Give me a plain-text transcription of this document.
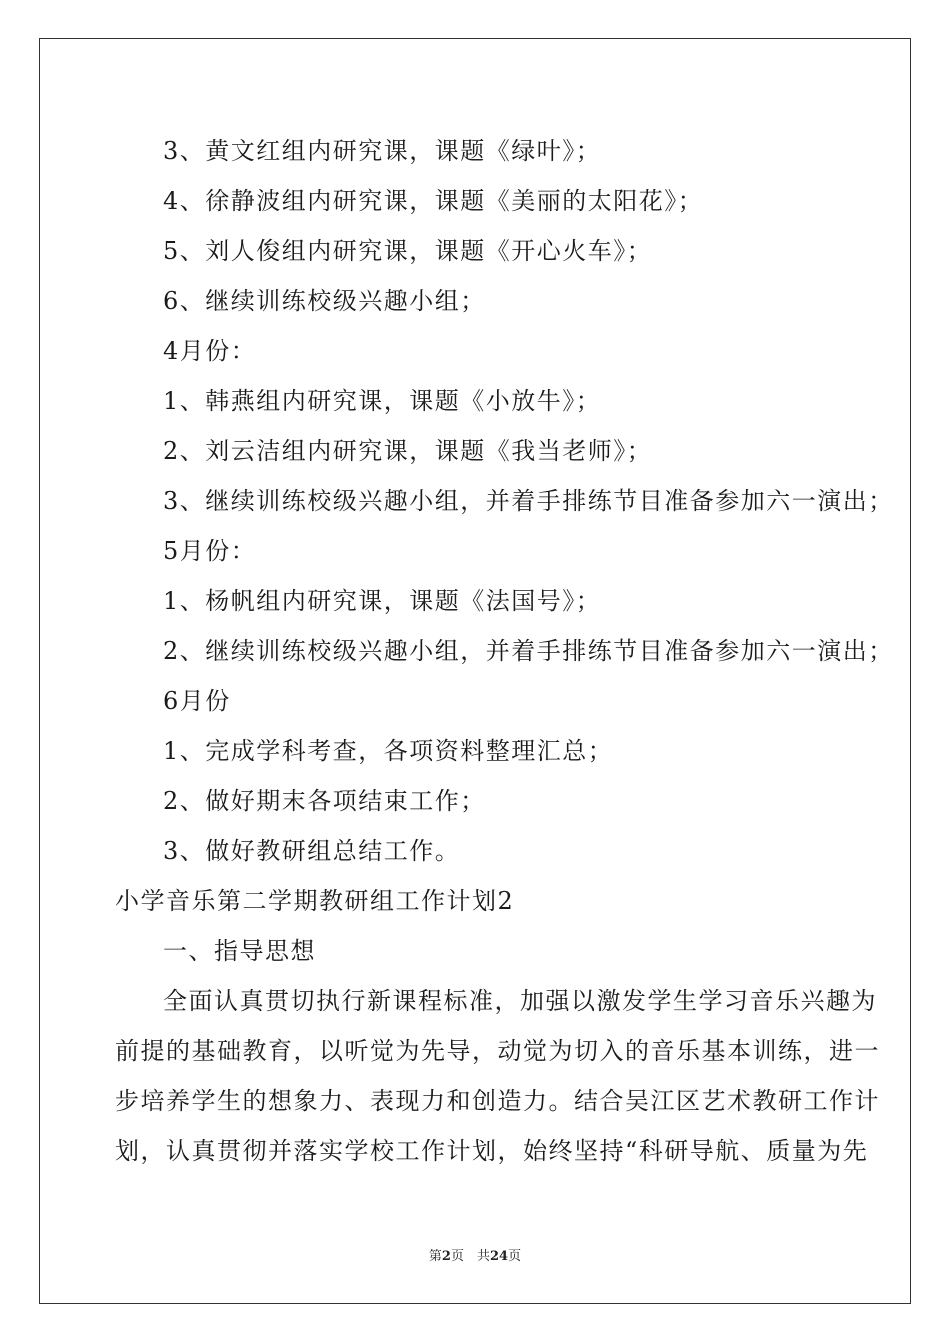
3、黄文红组内研究课，课题《绿叶》；
4、徐静波组内研究课，课题《美丽的太阳花》；
5、刘人俊组内研究课，课题《开心火车》；
6、继续训练校级兴趣小组；
4月份：
1、韩燕组内研究课，课题《小放牛》；
2、刘云洁组内研究课，课题《我当老师》；
3、继续训练校级兴趣小组，并着手排练节目准备参加六一演出；
5月份：
1、杨帆组内研究课，课题《法国号》；
2、继续训练校级兴趣小组，并着手排练节目准备参加六一演出；
6月份
1、完成学科考查，各项资料整理汇总；
2、做好期末各项结束工作；
3、做好教研组总结工作。
小学音乐第二学期教研组工作计划2
一、指导思想
全面认真贯切执行新课程标准，加强以激发学生学习音乐兴趣为
前提的基础教育，以听觉为先导，动觉为切入的音乐基本训练，进一
步培养学生的想象力、表现力和创造力。结合吴江区艺术教研工作计
划，认真贯彻并落实学校工作计划，始终坚持“科研导航、质量为先
第2页　共24页
